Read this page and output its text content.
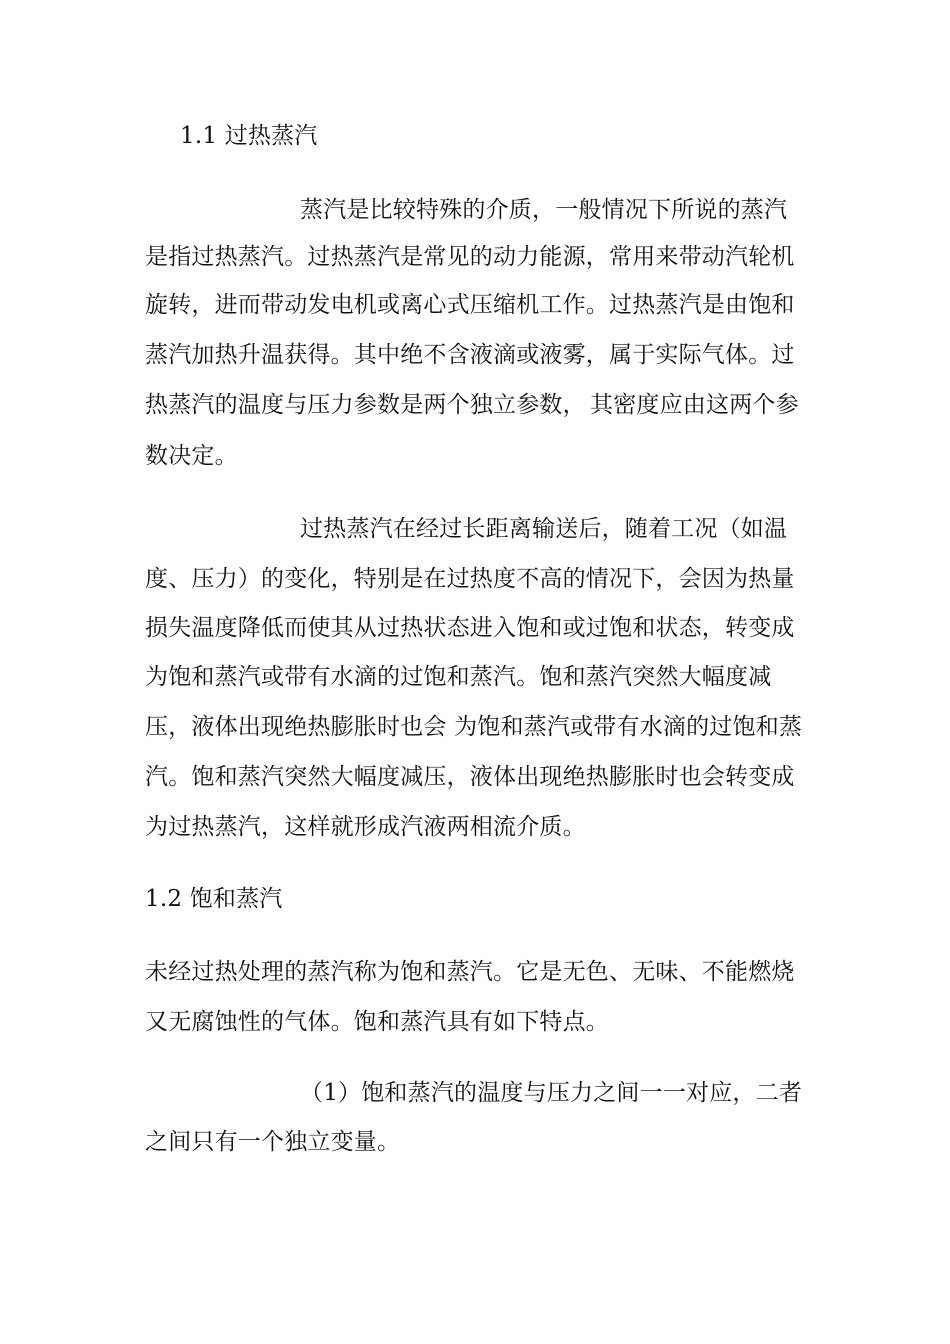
1.1 过热蒸汽
蒸汽是比较特殊的介质，一般情况下所说的蒸汽
是指过热蒸汽。过热蒸汽是常见的动力能源，常用来带动汽轮机
旋转，进而带动发电机或离心式压缩机工作。过热蒸汽是由饱和
蒸汽加热升温获得。其中绝不含液滴或液雾，属于实际气体。过
热蒸汽的温度与压力参数是两个独立参数， 其密度应由这两个参
数决定。
过热蒸汽在经过长距离输送后，随着工况（如温
度、压力）的变化，特别是在过热度不高的情况下，会因为热量
损失温度降低而使其从过热状态进入饱和或过饱和状态，转变成
为饱和蒸汽或带有水滴的过饱和蒸汽。饱和蒸汽突然大幅度减
压，液体出现绝热膨胀时也会 为饱和蒸汽或带有水滴的过饱和蒸
汽。饱和蒸汽突然大幅度减压，液体出现绝热膨胀时也会转变成
为过热蒸汽，这样就形成汽液两相流介质。
1.2 饱和蒸汽
未经过热处理的蒸汽称为饱和蒸汽。它是无色、无味、不能燃烧
又无腐蚀性的气体。饱和蒸汽具有如下特点。
（1）饱和蒸汽的温度与压力之间一一对应，二者
之间只有一个独立变量。
